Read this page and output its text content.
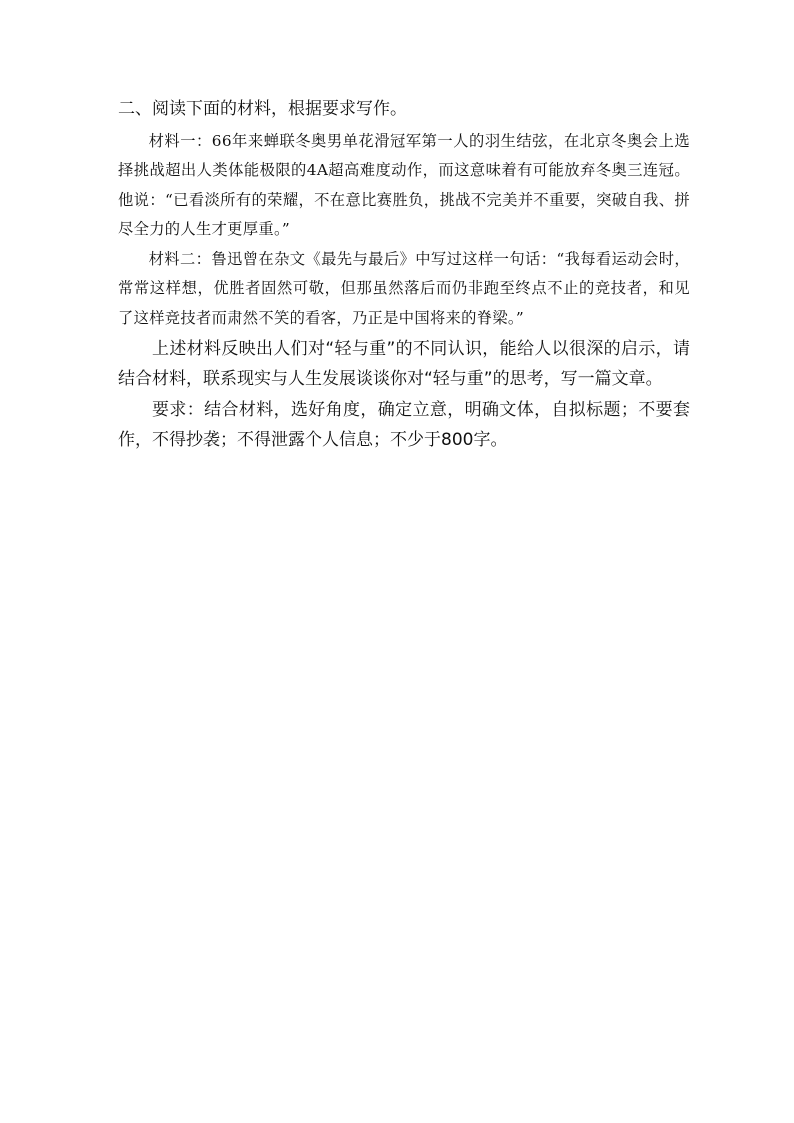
二、阅读下面的材料，根据要求写作。

材料一：66年来蝉联冬奥男单花滑冠军第一人的羽生结弦，在北京冬奥会上选择挑战超出人类体能极限的4A超高难度动作，而这意味着有可能放弃冬奥三连冠。他说：“已看淡所有的荣耀，不在意比赛胜负，挑战不完美并不重要，突破自我、拼尽全力的人生才更厚重。”

材料二：鲁迅曾在杂文《最先与最后》中写过这样一句话：“我每看运动会时，常常这样想，优胜者固然可敬，但那虽然落后而仍非跑至终点不止的竞技者，和见了这样竞技者而肃然不笑的看客，乃正是中国将来的脊梁。”

上述材料反映出人们对“轻与重”的不同认识，能给人以很深的启示，请结合材料，联系现实与人生发展谈谈你对“轻与重”的思考，写一篇文章。

要求：结合材料，选好角度，确定立意，明确文体，自拟标题；不要套作，不得抄袭；不得泄露个人信息；不少于800字。
